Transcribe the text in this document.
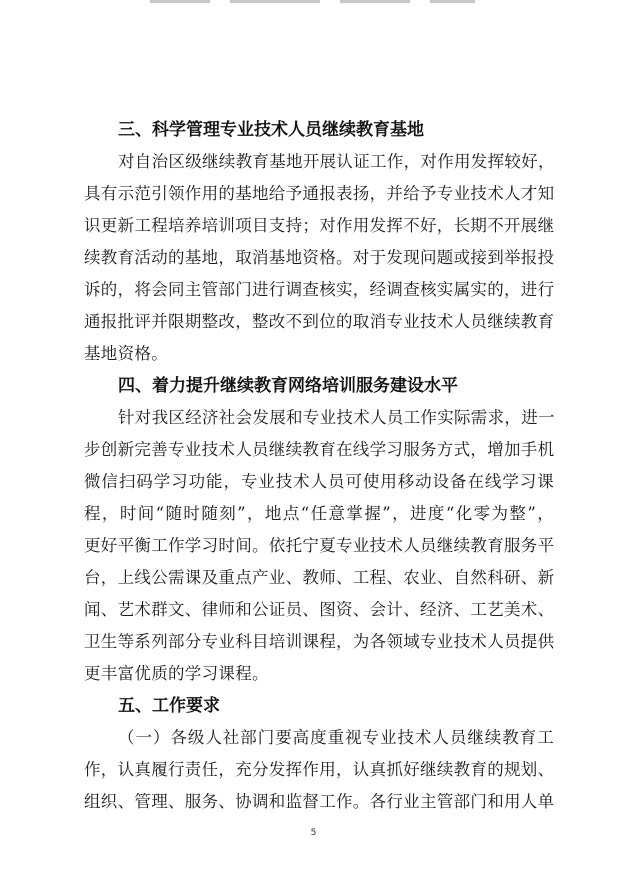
三、科学管理专业技术人员继续教育基地
对自治区级继续教育基地开展认证工作，对作用发挥较好，
具有示范引领作用的基地给予通报表扬，并给予专业技术人才知
识更新工程培养培训项目支持；对作用发挥不好，长期不开展继
续教育活动的基地，取消基地资格。对于发现问题或接到举报投
诉的，将会同主管部门进行调查核实，经调查核实属实的，进行
通报批评并限期整改，整改不到位的取消专业技术人员继续教育
基地资格。
四、着力提升继续教育网络培训服务建设水平
针对我区经济社会发展和专业技术人员工作实际需求，进一
步创新完善专业技术人员继续教育在线学习服务方式，增加手机
微信扫码学习功能，专业技术人员可使用移动设备在线学习课
程，时间“随时随刻”，地点“任意掌握”，进度“化零为整”，
更好平衡工作学习时间。依托宁夏专业技术人员继续教育服务平
台，上线公需课及重点产业、教师、工程、农业、自然科研、新
闻、艺术群文、律师和公证员、图资、会计、经济、工艺美术、
卫生等系列部分专业科目培训课程，为各领域专业技术人员提供
更丰富优质的学习课程。
五、工作要求
（一）各级人社部门要高度重视专业技术人员继续教育工
作，认真履行责任，充分发挥作用，认真抓好继续教育的规划、
组织、管理、服务、协调和监督工作。各行业主管部门和用人单
5
